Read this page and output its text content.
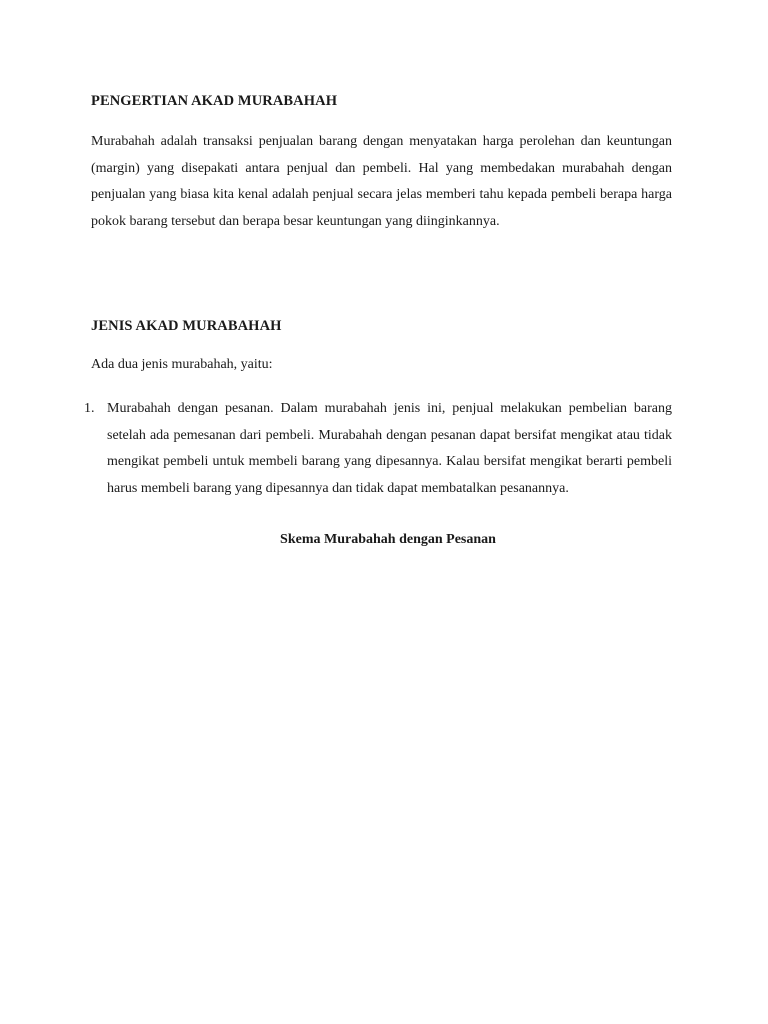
PENGERTIAN AKAD MURABAHAH

Murabahah adalah transaksi penjualan barang dengan menyatakan harga perolehan dan keuntungan (margin) yang disepakati antara penjual dan pembeli. Hal yang membedakan murabahah dengan penjualan yang biasa kita kenal adalah penjual secara jelas memberi tahu kepada pembeli berapa harga pokok barang tersebut dan berapa besar keuntungan yang diinginkannya.

JENIS AKAD MURABAHAH

Ada dua jenis murabahah, yaitu:

1. Murabahah dengan pesanan. Dalam murabahah jenis ini, penjual melakukan pembelian barang setelah ada pemesanan dari pembeli. Murabahah dengan pesanan dapat bersifat mengikat atau tidak mengikat pembeli untuk membeli barang yang dipesannya. Kalau bersifat mengikat berarti pembeli harus membeli barang yang dipesannya dan tidak dapat membatalkan pesanannya.

Skema Murabahah dengan Pesanan
